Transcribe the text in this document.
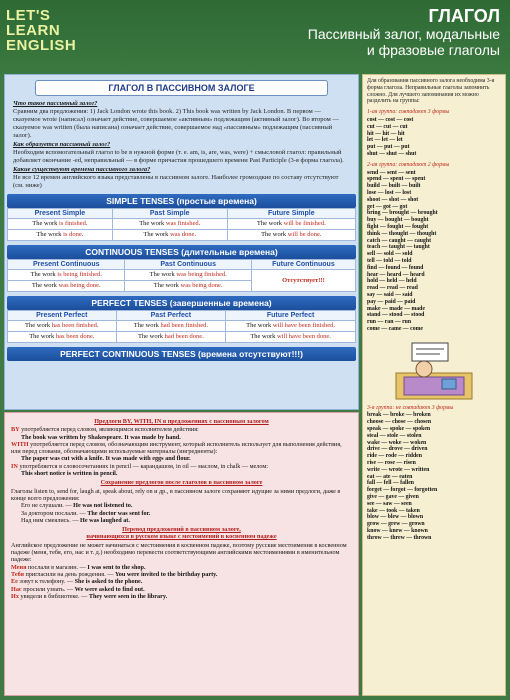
LET'S
LEARN
ENGLISH
ГЛАГОЛ
Пассивный залог, модальные
и фразовые глаголы
ГЛАГОЛ В ПАССИВНОМ ЗАЛОГЕ
Что такое пассивный залог?
Сравним два предложения: 1) Jack London wrote this book. 2) This book was written by Jack London. В первом — сказуемое wrote (написал) означает действие, совершаемое «активным» подлежащим (активный залог). Во втором — сказуемое was written (была написана) означает действие, совершаемое над «пассивным» подлежащим (пассивный залог).
Как образуется пассивный залог?
Необходим вспомогательный глагол to be в нужной форме (т. е. am, is, are, was, were) + смысловой глагол: правильный добавляет окончание -ed, неправильный — в форме причастия прошедшего времени Past Participle (3-я форма глагола).
Какие существуют времена пассивного залога?
Не все 12 времен английского языка представлены в пассивном залоге. Наиболее громоздкие по составу отсутствуют (см. ниже)
SIMPLE TENSES (простые времена)
Present Simple	Past Simple	Future Simple
The work is finished.	The work was finished.	The work will be finished.
The work is done.	The work was done.	The work will be done.
CONTINUOUS TENSES (длительные времена)
Present Continuous	Past Continuous	Future Continuous
The work is being finished.	The work was being finished.	Отсутствует!!!
The work was being done.	The work was being done.	
PERFECT TENSES (завершенные времена)
Present Perfect	Past Perfect	Future Perfect
The work has been finished.	The work had been finished.	The work will have been finished.
The work has been done.	The work had been done.	The work will have been done.
PERFECT CONTINUOUS TENSES (времена отсутствуют!!!)
Предлоги BY, WITH, IN в предложениях с пассивным залогом
BY употребляется перед словом, являющимся исполнителем действия:
The book was written by Shakespeare. It was made by hand.
WITH употребляется перед словом, обозначающим инструмент, который исполнитель использует для выполнения действия, или перед словами, обозначающими используемые материалы (ингредиенты):
The paper was cut with a knife. It was made with eggs and flour.
IN употребляется в словосочетаниях in pencil — карандашом, in oil — маслом, in chalk — мелом:
This short notice is written in pencil.
Сохранение предлогов после глаголов в пассивном залоге
Глаголы listen to, send for, laugh at, speak about, rely on и др., в пассивном залоге сохраняют идущие за ними предлоги, даже в конце всего предложения:
Его не слушали. — He was not listened to.
За доктором послали. — The doctor was sent for.
Над ним смеялись. — He was laughed at.
Перевод предложений в пассивном залоге,
начинающихся в русском языке с местоимений в косвенном падеже
Английское предложение не может начинаться с местоимения в косвенном падеже, поэтому русские местоимения в косвенном падеже (меня, тебя, его, нас и т. д.) необходимо перевести соответствующими английскими местоимениями в именительном падеже:
Меня послали в магазин. — I was sent to the shop.
Тебя пригласили на день рождения. — You were invited to the birthday party.
Ее зовут к телефону. — She is asked to the phone.
Нас просили узнать. — We were asked to find out.
Их увидели в библиотеке. — They were seen in the library.
Для образования пассивного залога необходима 3-я форма глагола. Неправильные глаголы запомнить сложно. Для лучшего запоминания их можно разделить на группы:
1-ая группа: совпадают 3 формы
cost — cost — cost
cut — cut — cut
hit — hit — hit
let — let — let
put — put — put
shut — shut — shut
2-ая группа: совпадают 2 формы
send — sent — sent
spend — spent — spent
build — built — built
lose — lost — lost
shoot — shot — shot
get — got — got
bring — brought — brought
buy — bought — bought
fight — fought — fought
think — thought — thought
catch — caught — caught
teach — taught — taught
sell — sold — sold
tell — told — told
find — found — found
hear — heard — heard
hold — held — held
read — read — read
say — said — said
pay — paid — paid
make — made — made
stand — stood — stood
run — ran — run
come — came — come
3-я группа: не совпадают 3 формы
break — broke — broken
choose — chose — chosen
speak — spoke — spoken
steal — stole — stolen
wake — woke — woken
drive — drove — driven
ride — rode — ridden
rise — rose — risen
write — wrote — written
eat — ate — eaten
fall — fell — fallen
forget — forgot — forgotten
give — gave — given
see — saw — seen
take — took — taken
blow — blew — blown
grow — grew — grown
know — knew — known
throw — threw — thrown
